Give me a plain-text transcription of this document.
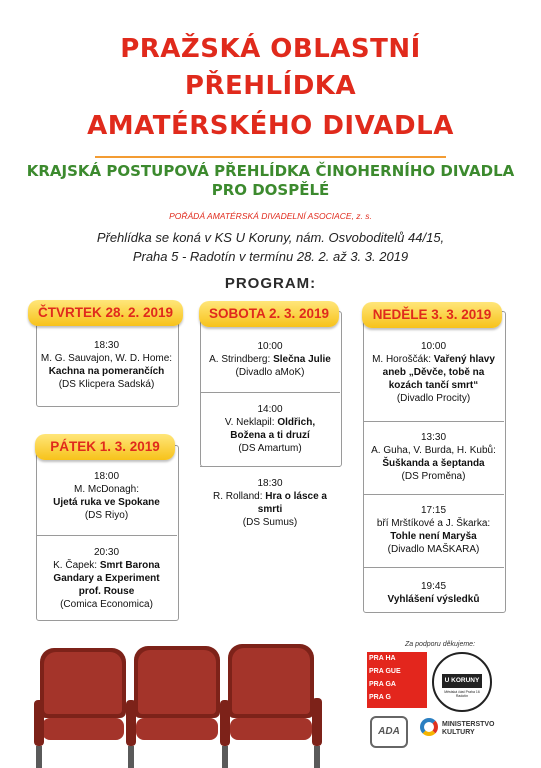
PRAŽSKÁ OBLASTNÍ
PŘEHLÍDKA
AMATÉRSKÉHO DIVADLA
KRAJSKÁ POSTUPOVÁ PŘEHLÍDKA ČINOHERNÍHO DIVADLA
PRO DOSPĚLÉ
POŘÁDÁ AMATÉRSKÁ DIVADELNÍ ASOCIACE, z. s.
Přehlídka se koná v KS U Koruny, nám. Osvoboditelů 44/15,
Praha 5 - Radotín v termínu 28. 2. až 3. 3. 2019
PROGRAM:
ČTVRTEK 28. 2. 2019
18:30
M. G. Sauvajon, W. D. Home:
Kachna na pomerančích
(DS Klicpera Sadská)
PÁTEK 1. 3. 2019
18:00
M. McDonagh:
Ujetá ruka ve Spokane
(DS Riyo)
20:30
K. Čapek: Smrt Barona
Gandary a Experiment
prof. Rouse
(Comica Economica)
SOBOTA 2. 3. 2019
10:00
A. Strindberg: Slečna Julie
(Divadlo aMoK)
14:00
V. Neklapil: Oldřich,
Božena a ti druzí
(DS Amartum)
18:30
R. Rolland: Hra o lásce a smrti
(DS Sumus)
NEDĚLE 3. 3. 2019
10:00
M. Horoščák: Vařený hlavy
aneb „Děvče, tobě na
kozách tančí smrt“
(Divadlo Procity)
13:30
A. Guha, V. Burda, H. Kubů:
Šuškanda a šeptanda
(DS Proměna)
17:15
bří Mrštíkové a J. Škarka:
Tohle není Maryša
(Divadlo MAŠKARA)
19:45
Vyhlášení výsledků
Za podporu děkujeme:
PRA HA
PRA GUE
PRA GA
PRA G
U KORUNY
Městská část Praha 16 Radotín
ADA
MINISTERSTVO
KULTURY
